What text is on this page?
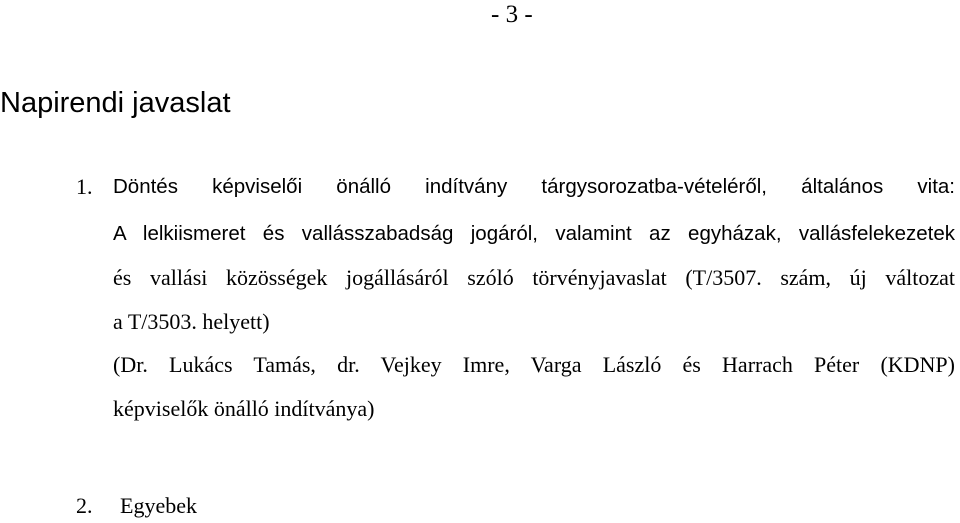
- 3 -
Napirendi javaslat
1. Döntés képviselői önálló indítvány tárgysorozatba-vételéről, általános vita:
A lelkiismeret és vallásszabadság jogáról, valamint az egyházak, vallásfelekezetek
és vallási közösségek jogállásáról szóló törvényjavaslat (T/3507. szám, új változat
a T/3503. helyett)
(Dr. Lukács Tamás, dr. Vejkey Imre, Varga László és Harrach Péter (KDNP)
képviselők önálló indítványa)
2. Egyebek
